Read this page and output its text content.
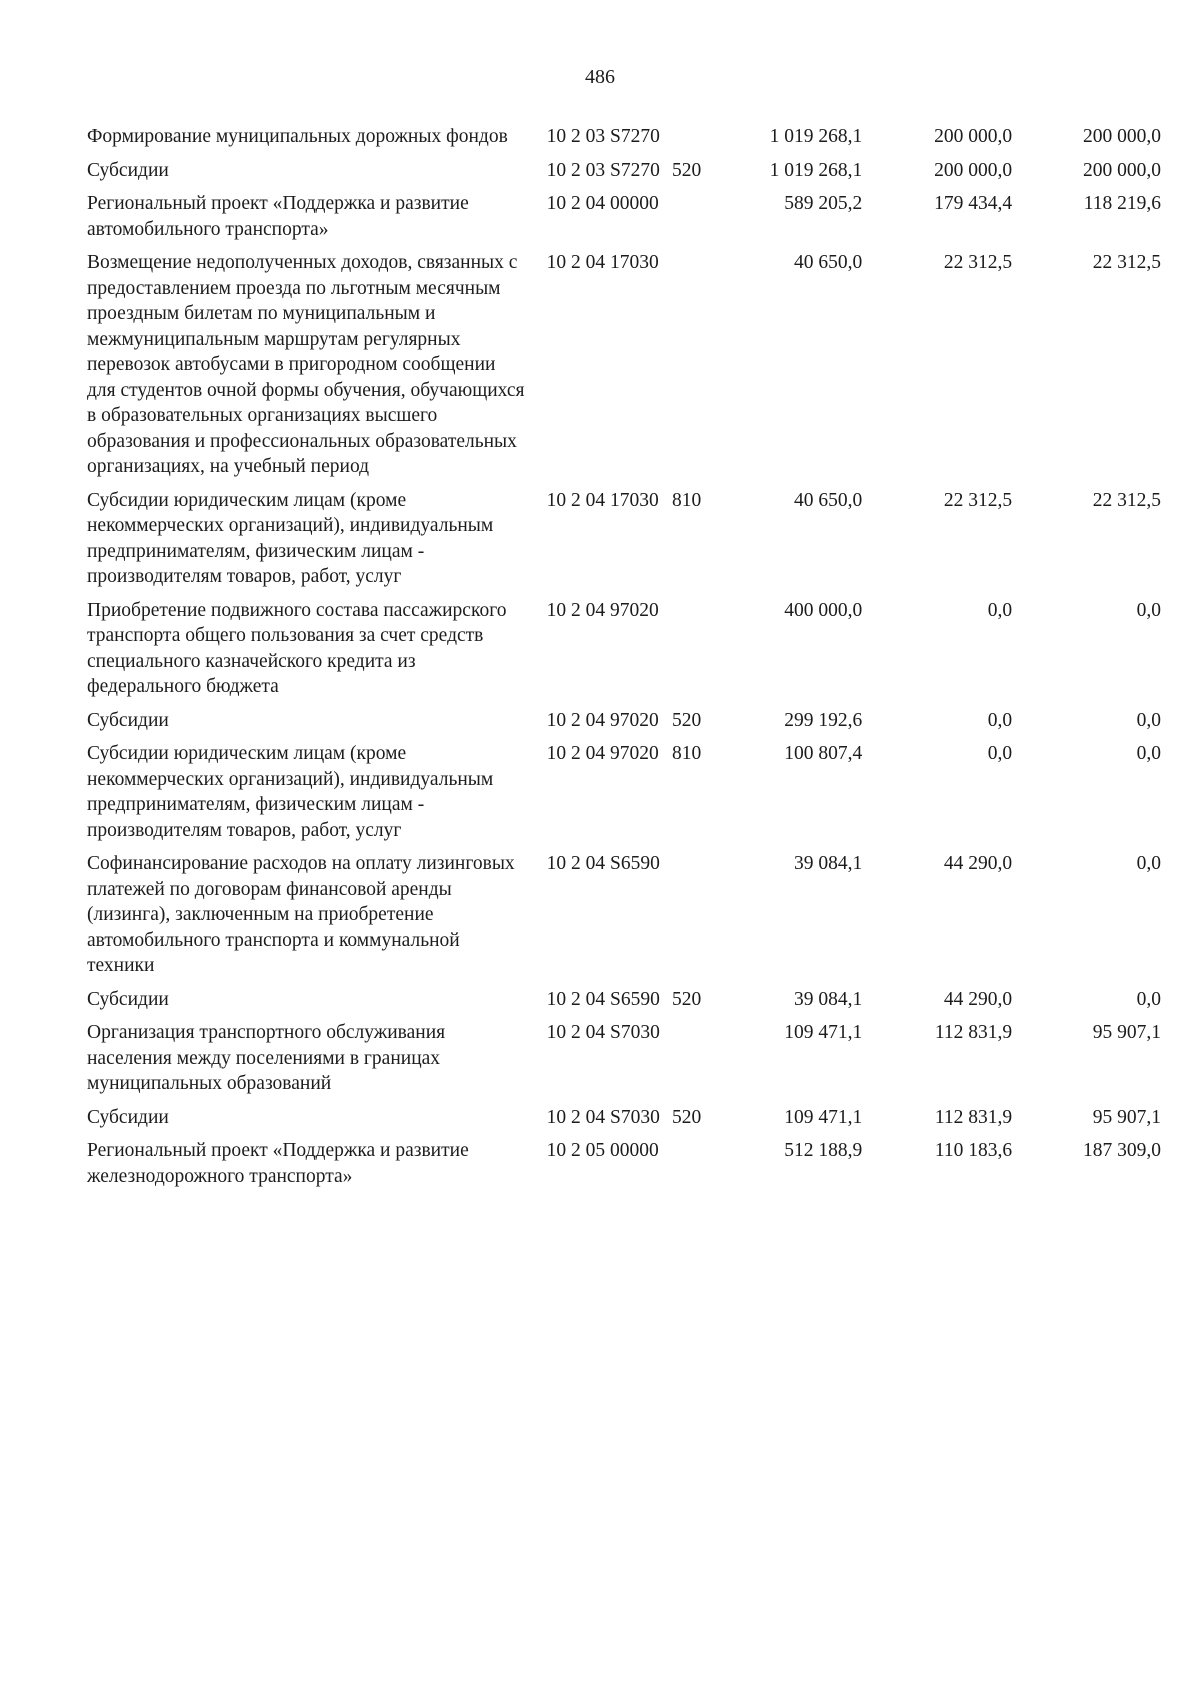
486
Формирование муниципальных дорожных фондов	10 2 03 S7270		1 019 268,1	200 000,0	200 000,0
Субсидии	10 2 03 S7270	520	1 019 268,1	200 000,0	200 000,0
Региональный проект «Поддержка и развитие автомобильного транспорта»	10 2 04 00000		589 205,2	179 434,4	118 219,6
Возмещение недополученных доходов, связанных с предоставлением проезда по льготным месячным проездным билетам по муниципальным и межмуниципальным маршрутам регулярных перевозок автобусами в пригородном сообщении для студентов очной формы обучения, обучающихся в образовательных организациях высшего образования и профессиональных образовательных организациях, на учебный период	10 2 04 17030		40 650,0	22 312,5	22 312,5
Субсидии юридическим лицам (кроме некоммерческих организаций), индивидуальным предпринимателям, физическим лицам - производителям товаров, работ, услуг	10 2 04 17030	810	40 650,0	22 312,5	22 312,5
Приобретение подвижного состава пассажирского транспорта общего пользования за счет средств специального казначейского кредита из федерального бюджета	10 2 04 97020		400 000,0	0,0	0,0
Субсидии	10 2 04 97020	520	299 192,6	0,0	0,0
Субсидии юридическим лицам (кроме некоммерческих организаций), индивидуальным предпринимателям, физическим лицам - производителям товаров, работ, услуг	10 2 04 97020	810	100 807,4	0,0	0,0
Софинансирование расходов на оплату лизинговых платежей по договорам финансовой аренды (лизинга), заключенным на приобретение автомобильного транспорта и коммунальной техники	10 2 04 S6590		39 084,1	44 290,0	0,0
Субсидии	10 2 04 S6590	520	39 084,1	44 290,0	0,0
Организация транспортного обслуживания населения между поселениями в границах муниципальных образований	10 2 04 S7030		109 471,1	112 831,9	95 907,1
Субсидии	10 2 04 S7030	520	109 471,1	112 831,9	95 907,1
Региональный проект «Поддержка и развитие железнодорожного транспорта»	10 2 05 00000		512 188,9	110 183,6	187 309,0
